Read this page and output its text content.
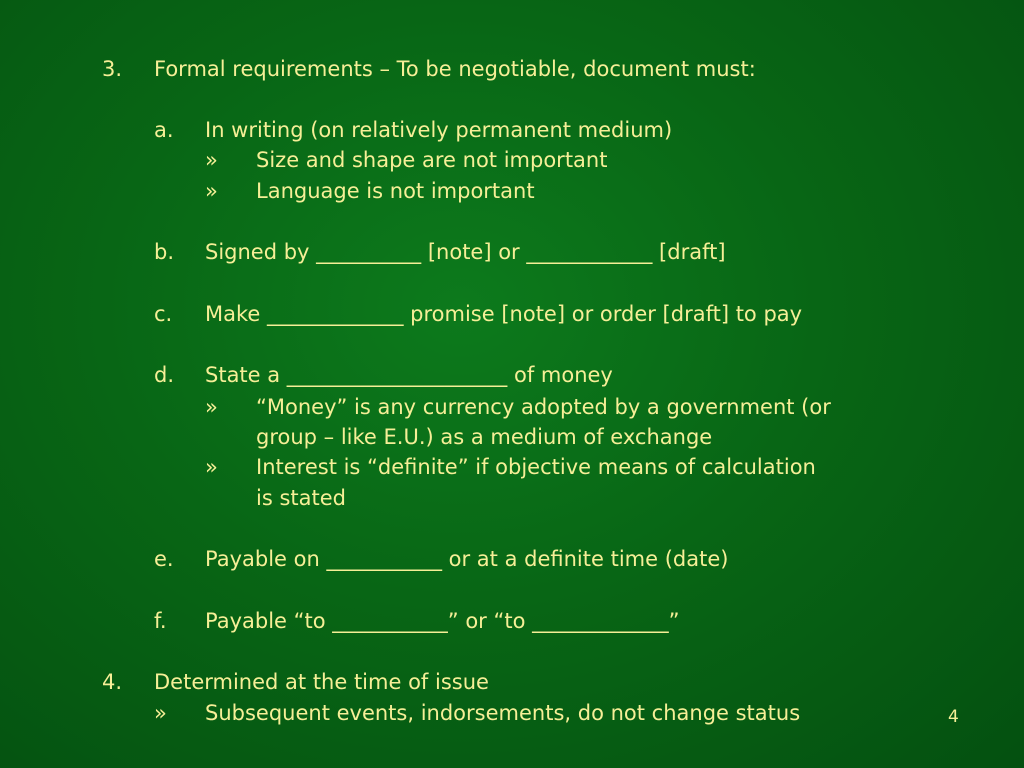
3. Formal requirements – To be negotiable, document must:
a. In writing (on relatively permanent medium)
» Size and shape are not important
» Language is not important
b. Signed by __________ [note] or ____________ [draft]
c. Make _____________ promise [note] or order [draft] to pay
d. State a _____________________ of money
» “Money” is any currency adopted by a government (or
group – like E.U.) as a medium of exchange
» Interest is “definite” if objective means of calculation
is stated
e. Payable on ___________ or at a definite time (date)
f. Payable “to ___________” or “to _____________”
4. Determined at the time of issue
» Subsequent events, indorsements, do not change status	4
